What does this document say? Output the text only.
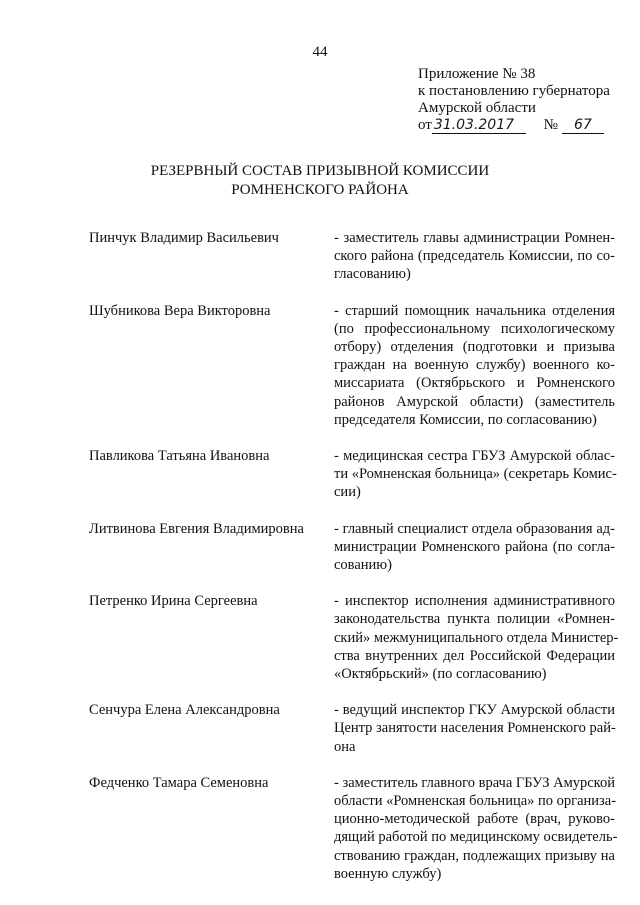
44
Приложение № 38
к постановлению губернатора
Амурской области
от 31.03.2017 № 67
РЕЗЕРВНЫЙ СОСТАВ ПРИЗЫВНОЙ КОМИССИИ
РОМНЕНСКОГО РАЙОНА
Пинчук Владимир Васильевич	- заместитель главы администрации Ромнен-
ского района (председатель Комиссии, по со-
гласованию)
Шубникова Вера Викторовна	- старший помощник начальника отделения
(по профессиональному психологическому
отбору) отделения (подготовки и призыва
граждан на военную службу) военного ко-
миссариата (Октябрьского и Ромненского
районов Амурской области) (заместитель
председателя Комиссии, по согласованию)
Павликова Татьяна Ивановна	- медицинская сестра ГБУЗ Амурской облас-
ти «Ромненская больница» (секретарь Комис-
сии)
Литвинова Евгения Владимировна	- главный специалист отдела образования ад-
министрации Ромненского района (по согла-
сованию)
Петренко Ирина Сергеевна	- инспектор исполнения административного
законодательства пункта полиции «Ромнен-
ский» межмуниципального отдела Министер-
ства внутренних дел Российской Федерации
«Октябрьский» (по согласованию)
Сенчура Елена Александровна	- ведущий инспектор ГКУ Амурской области
Центр занятости населения Ромненского рай-
она
Федченко Тамара Семеновна	- заместитель главного врача ГБУЗ Амурской
области «Ромненская больница» по организа-
ционно-методической работе (врач, руково-
дящий работой по медицинскому освидетель-
ствованию граждан, подлежащих призыву на
военную службу)
